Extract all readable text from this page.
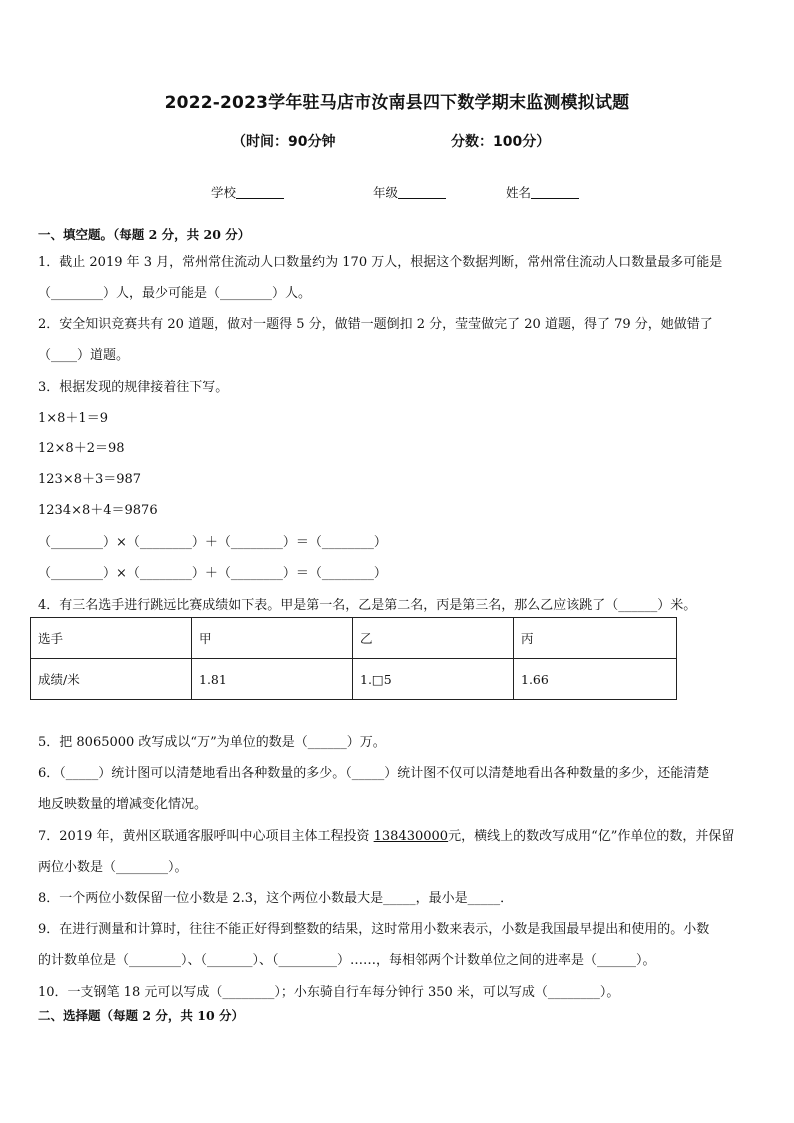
2022-2023学年驻马店市汝南县四下数学期末监测模拟试题
（时间：90分钟	分数：100分）
学校	年级	姓名
一、填空题。（每题 2 分，共 20 分）
1．截止 2019 年 3 月，常州常住流动人口数量约为 170 万人，根据这个数据判断，常州常住流动人口数量最多可能是
（________）人，最少可能是（________）人。
2．安全知识竞赛共有 20 道题，做对一题得 5 分，做错一题倒扣 2 分，莹莹做完了 20 道题，得了 79 分，她做错了
（____）道题。
3．根据发现的规律接着往下写。
1×8＋1＝9
12×8＋2＝98
123×8＋3＝987
1234×8＋4＝9876
（________）×（________）＋（________）＝（________）
（________）×（________）＋（________）＝（________）
4．有三名选手进行跳远比赛成绩如下表。甲是第一名，乙是第二名，丙是第三名，那么乙应该跳了（______）米。
选手	甲	乙	丙
成绩/米	1.81	1.□5	1.66
5．把 8065000 改写成以“万”为单位的数是（______）万。
6．（_____）统计图可以清楚地看出各种数量的多少。（_____）统计图不仅可以清楚地看出各种数量的多少，还能清楚
地反映数量的增减变化情况。
7．2019 年，黄州区联通客服呼叫中心项目主体工程投资 138430000元，横线上的数改写成用“亿”作单位的数，并保留
两位小数是（________）。
8．一个两位小数保留一位小数是 2.3，这个两位小数最大是_____，最小是_____．
9．在进行测量和计算时，往往不能正好得到整数的结果，这时常用小数来表示，小数是我国最早提出和使用的。小数
的计数单位是（________）、（_______）、（_________）……，每相邻两个计数单位之间的进率是（______）。
10．一支钢笔 18 元可以写成（________）；小东骑自行车每分钟行 350 米，可以写成（________）。
二、选择题（每题 2 分，共 10 分）
